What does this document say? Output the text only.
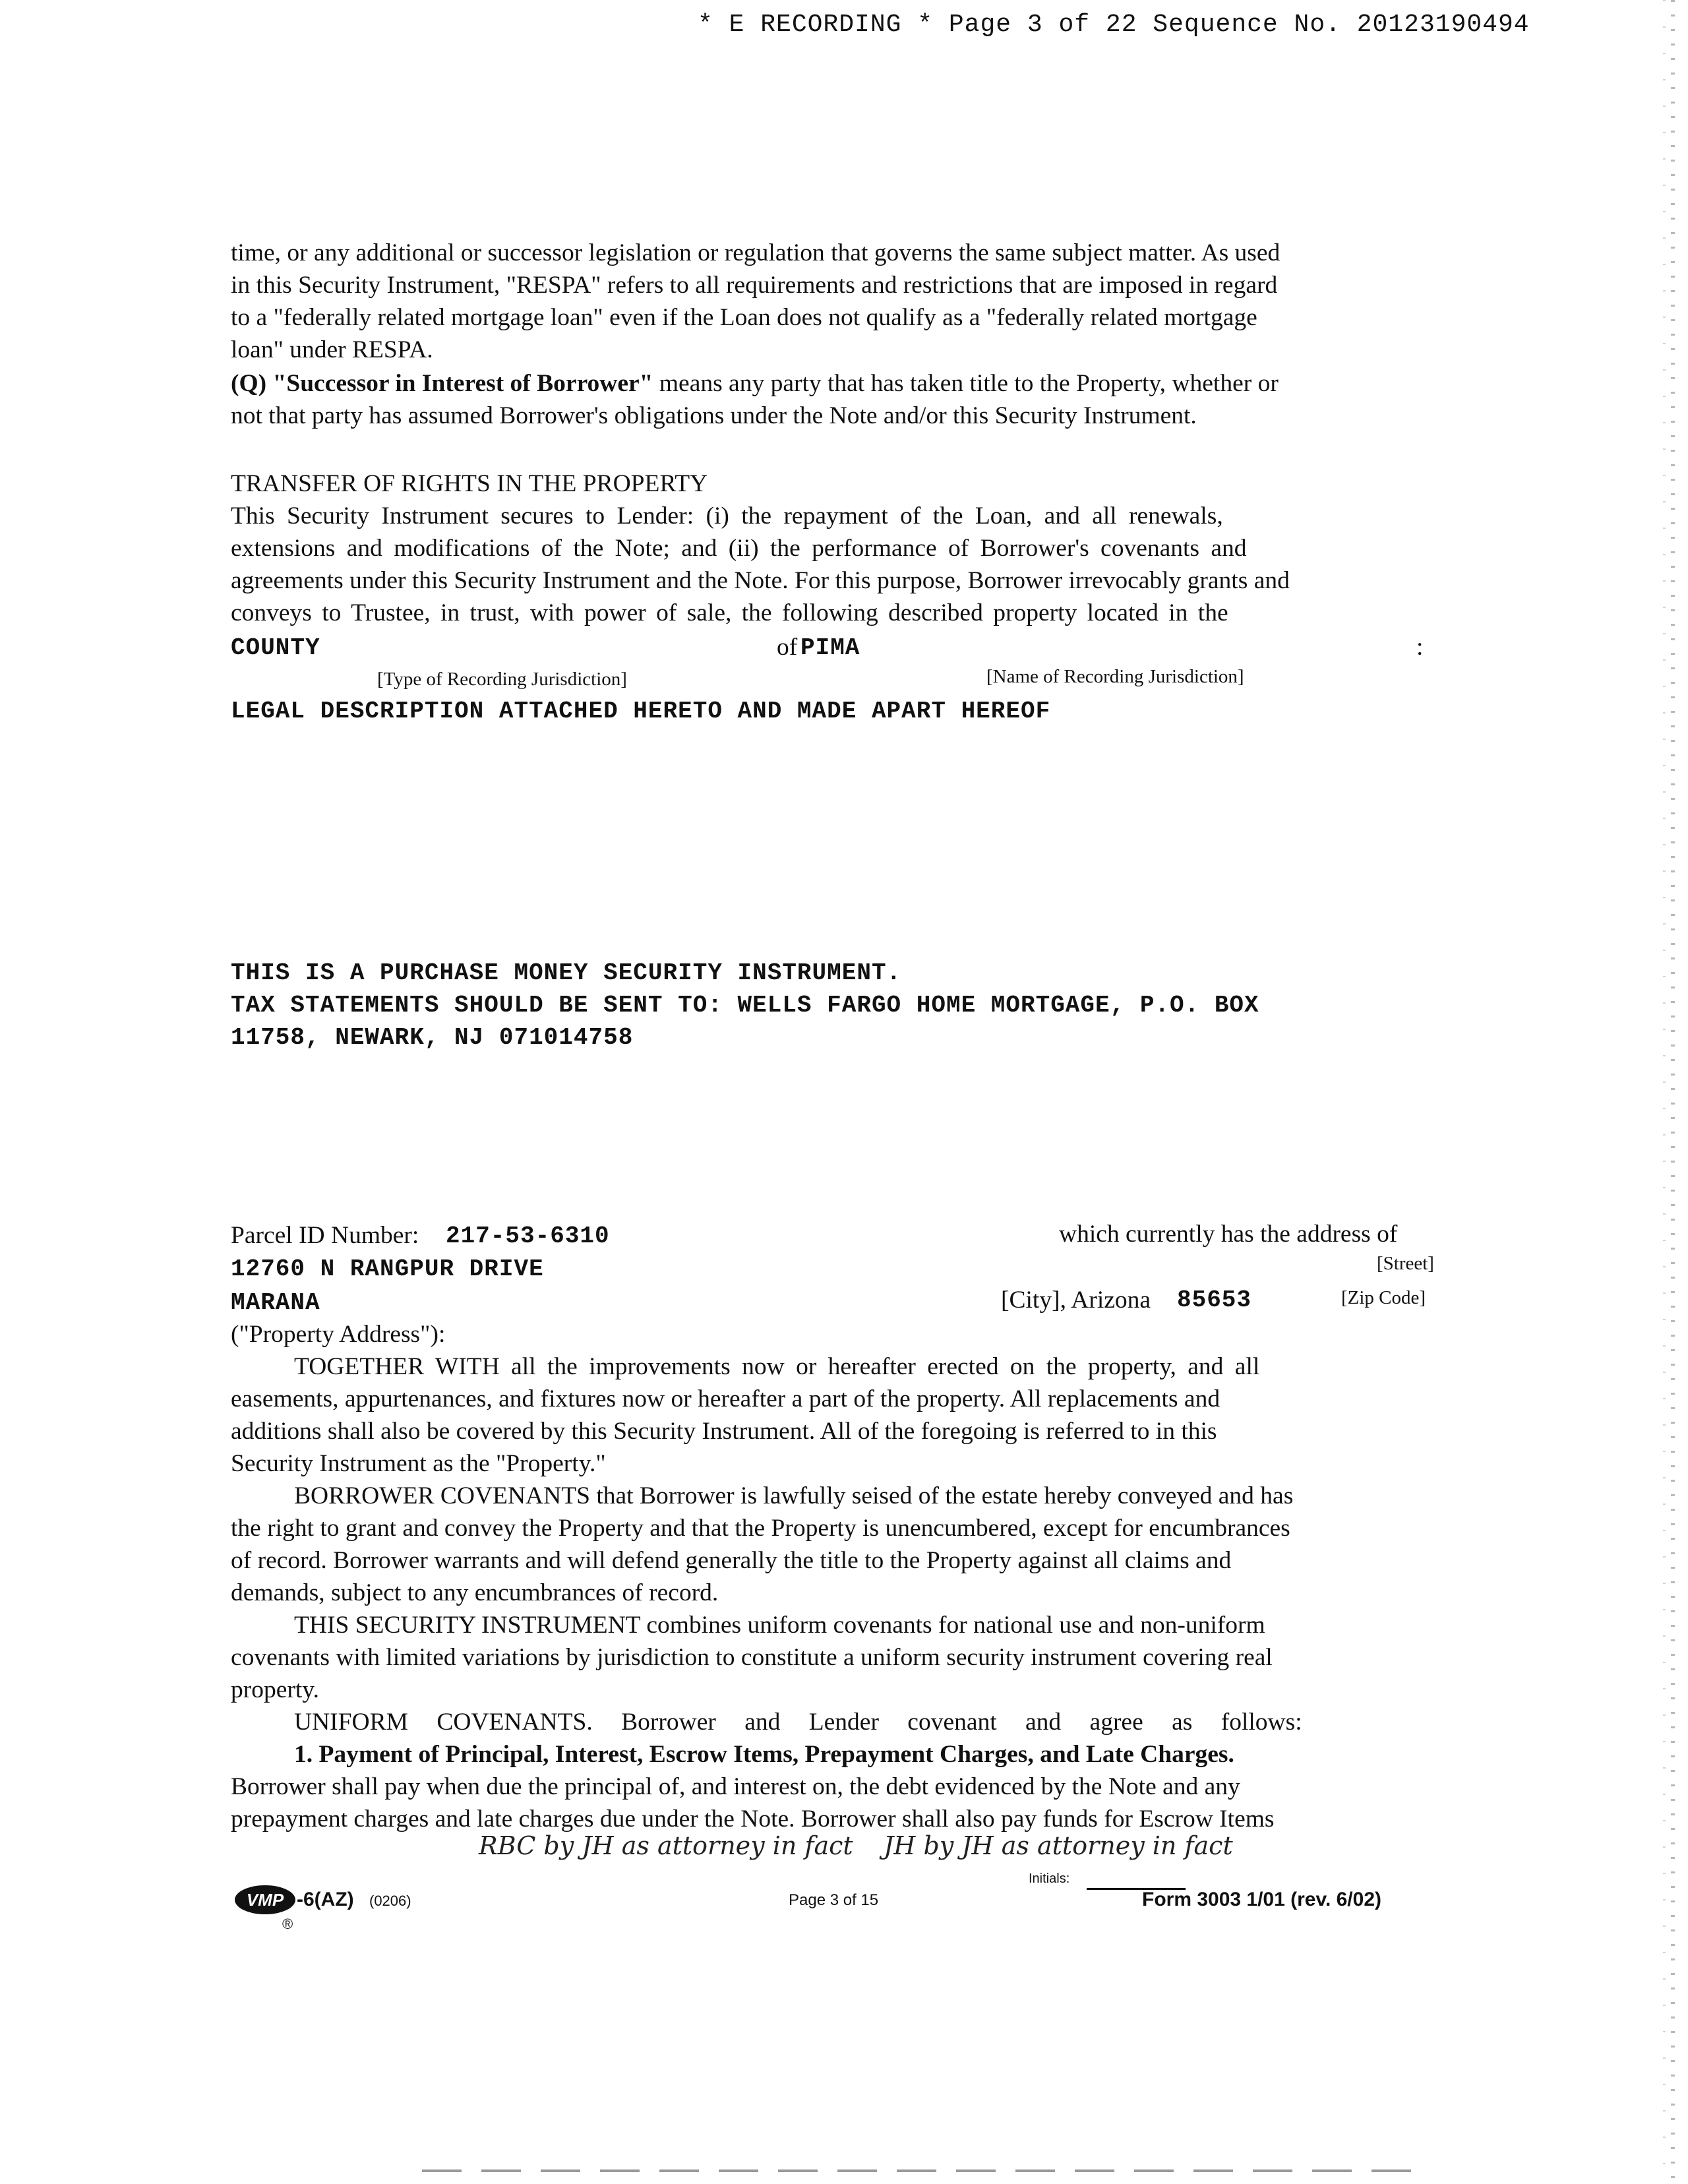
* E RECORDING * Page 3 of 22 Sequence No. 20123190494
time, or any additional or successor legislation or regulation that governs the same subject matter. As used
in this Security Instrument, "RESPA" refers to all requirements and restrictions that are imposed in regard
to a "federally related mortgage loan" even if the Loan does not qualify as a "federally related mortgage
loan" under RESPA.
(Q) "Successor in Interest of Borrower" means any party that has taken title to the Property, whether or
not that party has assumed Borrower's obligations under the Note and/or this Security Instrument.
TRANSFER OF RIGHTS IN THE PROPERTY
This Security Instrument secures to Lender: (i) the repayment of the Loan, and all renewals,
extensions and modifications of the Note; and (ii) the performance of Borrower's covenants and
agreements under this Security Instrument and the Note. For this purpose, Borrower irrevocably grants and
conveys to Trustee, in trust, with power of sale, the following described property located in the
COUNTY	of PIMA	:
[Type of Recording Jurisdiction]	[Name of Recording Jurisdiction]
LEGAL DESCRIPTION ATTACHED HERETO AND MADE APART HEREOF
THIS IS A PURCHASE MONEY SECURITY INSTRUMENT.
TAX STATEMENTS SHOULD BE SENT TO: WELLS FARGO HOME MORTGAGE, P.O. BOX
11758, NEWARK, NJ 071014758
Parcel ID Number: 217-53-6310	which currently has the address of
12760 N RANGPUR DRIVE	[Street]
MARANA	[City], Arizona 85653	[Zip Code]
("Property Address"):
TOGETHER WITH all the improvements now or hereafter erected on the property, and all
easements, appurtenances, and fixtures now or hereafter a part of the property. All replacements and
additions shall also be covered by this Security Instrument. All of the foregoing is referred to in this
Security Instrument as the "Property."
BORROWER COVENANTS that Borrower is lawfully seised of the estate hereby conveyed and has
the right to grant and convey the Property and that the Property is unencumbered, except for encumbrances
of record. Borrower warrants and will defend generally the title to the Property against all claims and
demands, subject to any encumbrances of record.
THIS SECURITY INSTRUMENT combines uniform covenants for national use and non-uniform
covenants with limited variations by jurisdiction to constitute a uniform security instrument covering real
property.
UNIFORM COVENANTS. Borrower and Lender covenant and agree as follows:
1. Payment of Principal, Interest, Escrow Items, Prepayment Charges, and Late Charges.
Borrower shall pay when due the principal of, and interest on, the debt evidenced by the Note and any
prepayment charges and late charges due under the Note. Borrower shall also pay funds for Escrow Items
RBC by JH as attorney in fact JH by JH as attorney in fact
VMP
®
-6(AZ) (0206)	Page 3 of 15
Initials:
Form 3003 1/01 (rev. 6/02)
